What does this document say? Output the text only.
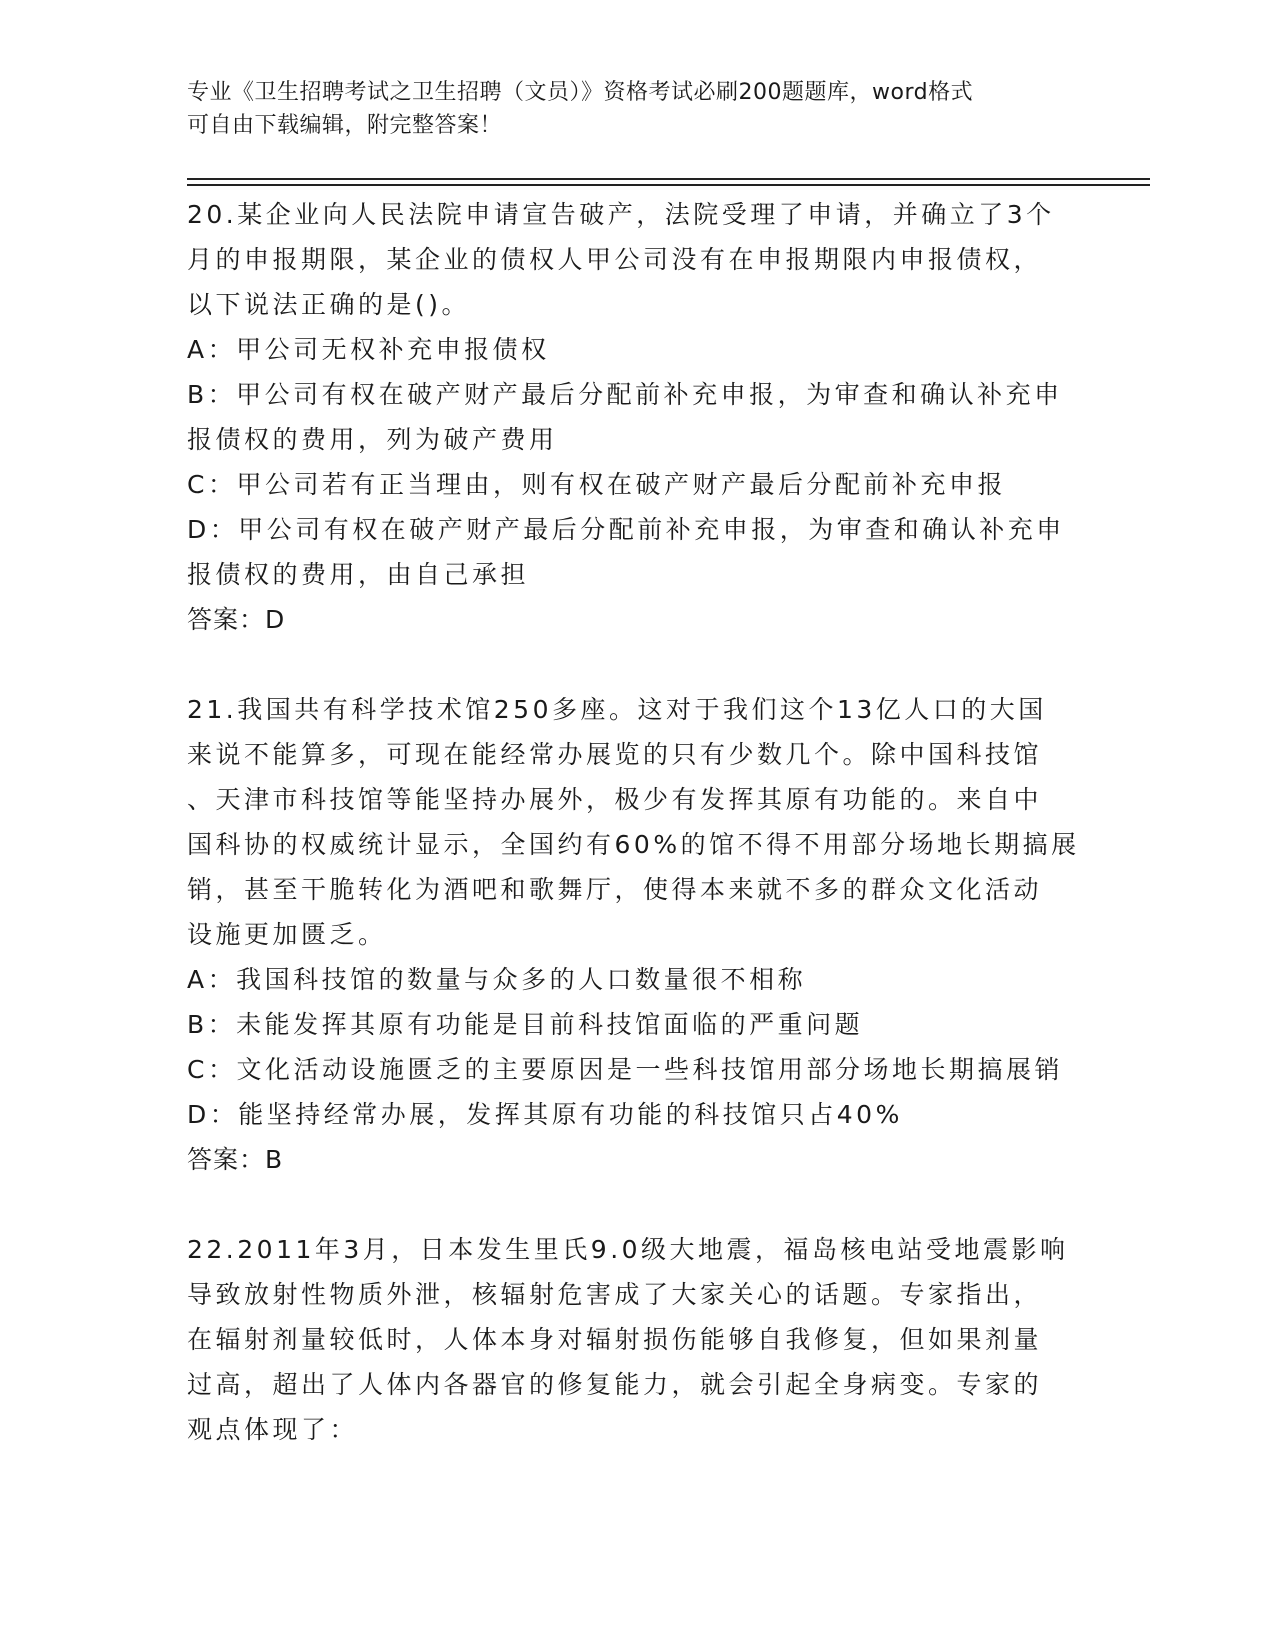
专业《卫生招聘考试之卫生招聘（文员）》资格考试必刷200题题库，word格式
可自由下载编辑，附完整答案！

20.某企业向人民法院申请宣告破产，法院受理了申请，并确立了3个

月的申报期限，某企业的债权人甲公司没有在申报期限内申报债权，

以下说法正确的是()。

A：甲公司无权补充申报债权

B：甲公司有权在破产财产最后分配前补充申报，为审查和确认补充申

报债权的费用，列为破产费用

C：甲公司若有正当理由，则有权在破产财产最后分配前补充申报

D：甲公司有权在破产财产最后分配前补充申报，为审查和确认补充申

报债权的费用，由自己承担

答案：D

21.我国共有科学技术馆250多座。这对于我们这个13亿人口的大国

来说不能算多，可现在能经常办展览的只有少数几个。除中国科技馆

、天津市科技馆等能坚持办展外，极少有发挥其原有功能的。来自中

国科协的权威统计显示，全国约有60%的馆不得不用部分场地长期搞展

销，甚至干脆转化为酒吧和歌舞厅，使得本来就不多的群众文化活动

设施更加匮乏。

A：我国科技馆的数量与众多的人口数量很不相称

B：未能发挥其原有功能是目前科技馆面临的严重问题

C：文化活动设施匮乏的主要原因是一些科技馆用部分场地长期搞展销

D：能坚持经常办展，发挥其原有功能的科技馆只占40%

答案：B

22.2011年3月，日本发生里氏9.0级大地震，福岛核电站受地震影响

导致放射性物质外泄，核辐射危害成了大家关心的话题。专家指出，

在辐射剂量较低时，人体本身对辐射损伤能够自我修复，但如果剂量

过高，超出了人体内各器官的修复能力，就会引起全身病变。专家的

观点体现了：
